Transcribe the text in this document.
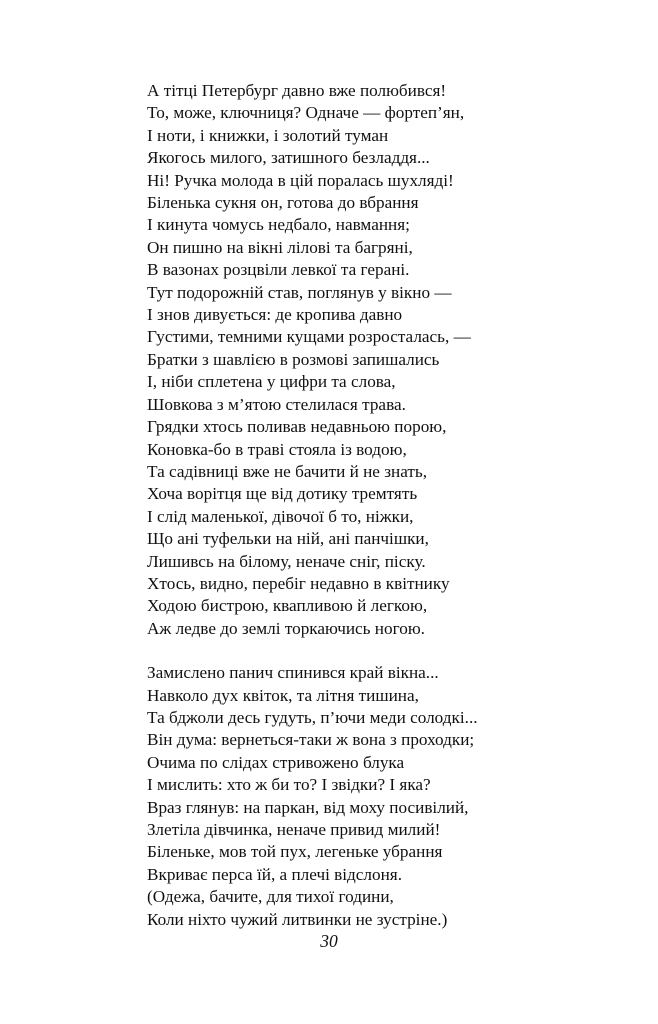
А тітці Петербург давно вже полюбився!
То, може, ключниця? Одначе — фортеп’ян,
І ноти, і книжки, і золотий туман
Якогось милого, затишного безладдя...
Ні! Ручка молода в цій поралась шухляді!
Біленька сукня он, готова до вбрання
І кинута чомусь недбало, навмання;
Он пишно на вікні лілові та багряні,
В вазонах розцвіли левкої та герані.
Тут подорожній став, поглянув у вікно —
І знов дивується: де кропива давно
Густими, темними кущами розросталась, —
Братки з шавлією в розмові запишались
І, ніби сплетена у цифри та слова,
Шовкова з м’ятою стелилася трава.
Грядки хтось поливав недавньою порою,
Коновка-бо в траві стояла із водою,
Та садівниці вже не бачити й не знать,
Хоча ворітця ще від дотику тремтять
І слід маленької, дівочої б то, ніжки,
Що ані туфельки на ній, ані панчішки,
Лишивсь на білому, неначе сніг, піску.
Хтось, видно, перебіг недавно в квітнику
Ходою бистрою, квапливою й легкою,
Аж ледве до землі торкаючись ногою.
Замислено панич спинився край вікна...
Навколо дух квіток, та літня тишина,
Та бджоли десь гудуть, п’ючи меди солодкі...
Він дума: вернеться-таки ж вона з проходки;
Очима по слідах стривожено блука
І мислить: хто ж би то? І звідки? І яка?
Враз глянув: на паркан, від моху посивілий,
Злетіла дівчинка, неначе привид милий!
Біленьке, мов той пух, легеньке убрання
Вкриває перса їй, а плечі відслоня.
(Одежа, бачите, для тихої години,
Коли ніхто чужий литвинки не зустріне.)
30
